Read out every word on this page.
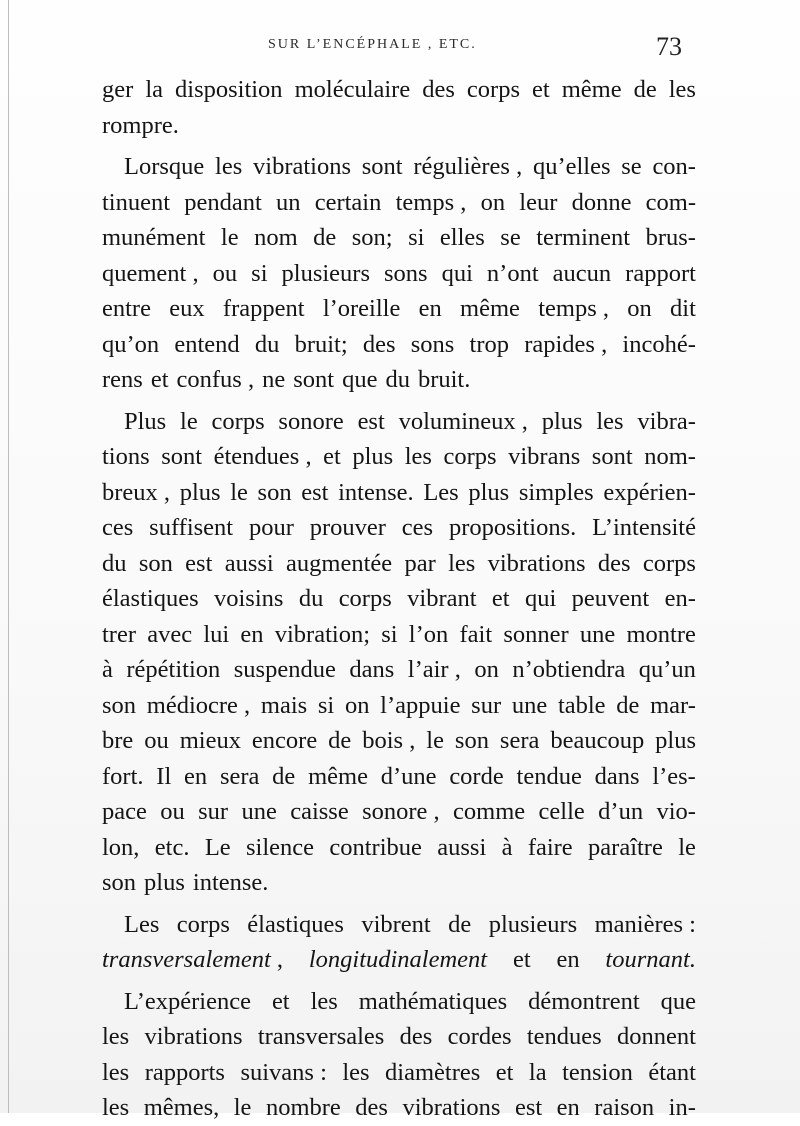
SUR L’ENCÉPHALE , ETC.	73
ger la disposition moléculaire des corps et même de les
rompre.
Lorsque les vibrations sont régulières , qu’elles se con-
tinuent pendant un certain temps , on leur donne com-
munément le nom de son; si elles se terminent brus-
quement , ou si plusieurs sons qui n’ont aucun rapport
entre eux frappent l’oreille en même temps , on dit
qu’on entend du bruit; des sons trop rapides , incohé-
rens et confus , ne sont que du bruit.
Plus le corps sonore est volumineux , plus les vibra-
tions sont étendues , et plus les corps vibrans sont nom-
breux , plus le son est intense. Les plus simples expérien-
ces suffisent pour prouver ces propositions. L’intensité
du son est aussi augmentée par les vibrations des corps
élastiques voisins du corps vibrant et qui peuvent en-
trer avec lui en vibration; si l’on fait sonner une montre
à répétition suspendue dans l’air , on n’obtiendra qu’un
son médiocre , mais si on l’appuie sur une table de mar-
bre ou mieux encore de bois , le son sera beaucoup plus
fort. Il en sera de même d’une corde tendue dans l’es-
pace ou sur une caisse sonore , comme celle d’un vio-
lon, etc. Le silence contribue aussi à faire paraître le
son plus intense.
Les corps élastiques vibrent de plusieurs manières :
transversalement , longitudinalement et en tournant.
L’expérience et les mathématiques démontrent que
les vibrations transversales des cordes tendues donnent
les rapports suivans : les diamètres et la tension étant
les mêmes, le nombre des vibrations est en raison in-
